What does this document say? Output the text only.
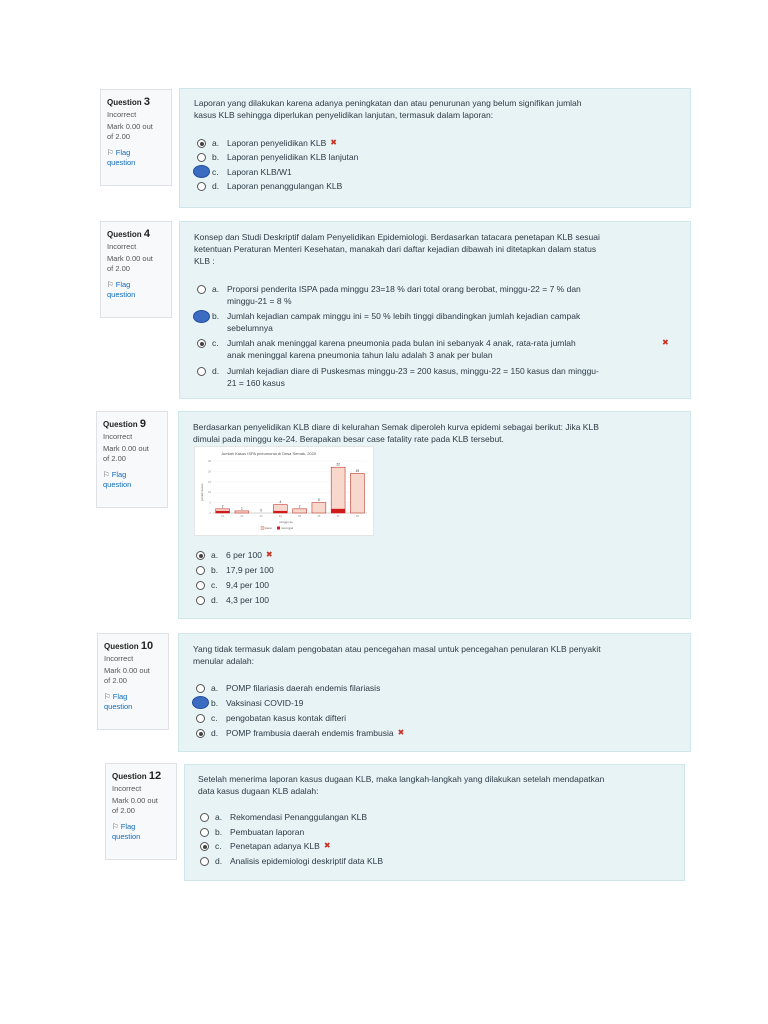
Question 3
Incorrect
Mark 0.00 out
of 2.00
⚐ Flag
question
Laporan yang dilakukan karena adanya peningkatan dan atau penurunan yang belum signifikan jumlah
kasus KLB sehingga diperlukan penyelidikan lanjutan, termasuk dalam laporan:
a. Laporan penyelidikan KLB ✖
b. Laporan penyelidikan KLB lanjutan
c. Laporan KLB/W1
d. Laporan penanggulangan KLB
Question 4
Incorrect
Mark 0.00 out
of 2.00
⚐ Flag
question
Konsep dan Studi Deskriptif dalam Penyelidikan Epidemiologi. Berdasarkan tatacara penetapan KLB sesuai
ketentuan Peraturan Menteri Kesehatan, manakah dari daftar kejadian dibawah ini ditetapkan dalam status
KLB :
a. Proporsi penderita ISPA pada minggu 23=18 % dari total orang berobat, minggu-22 = 7 % dan
minggu-21 = 8 %
b. Jumlah kejadian campak minggu ini = 50 % lebih tinggi dibandingkan jumlah kejadian campak
sebelumnya
c. Jumlah anak meninggal karena pneumonia pada bulan ini sebanyak 4 anak, rata-rata jumlah
anak meninggal karena pneumonia tahun lalu adalah 3 anak per bulan
✖
d. Jumlah kejadian diare di Puskesmas minggu-23 = 200 kasus, minggu-22 = 150 kasus dan minggu-
21 = 160 kasus
Question 9
Incorrect
Mark 0.00 out
of 2.00
⚐ Flag
question
Berdasarkan penyelidikan KLB diare di kelurahan Semak diperoleh kurva epidemi sebagai berikut: Jika KLB
dimulai pada minggu ke-24. Berapakan besar case fatality rate pada KLB tersebut.
a. 6 per 100 ✖
b. 17,9 per 100
c. 9,4 per 100
d. 4,3 per 100
Jumlah Kasus ISPA pneumonia di Desa Semak, 2020
jumlah kasus
minggu ke
0
5
10
15
20
25
2
21
1
22
0
23
4
24
2
25
5
26
22
27
19
28
kasus	meninggal
Question 10
Incorrect
Mark 0.00 out
of 2.00
⚐ Flag
question
Yang tidak termasuk dalam pengobatan atau pencegahan masal untuk pencegahan penularan KLB penyakit
menular adalah:
a. POMP filariasis daerah endemis filariasis
b. Vaksinasi COVID-19
c. pengobatan kasus kontak difteri
d. POMP frambusia daerah endemis frambusia ✖
Question 12
Incorrect
Mark 0.00 out
of 2.00
⚐ Flag
question
Setelah menerima laporan kasus dugaan KLB, maka langkah-langkah yang dilakukan setelah mendapatkan
data kasus dugaan KLB adalah:
a. Rekomendasi Penanggulangan KLB
b. Pembuatan laporan
c. Penetapan adanya KLB ✖
d. Analisis epidemiologi deskriptif data KLB
